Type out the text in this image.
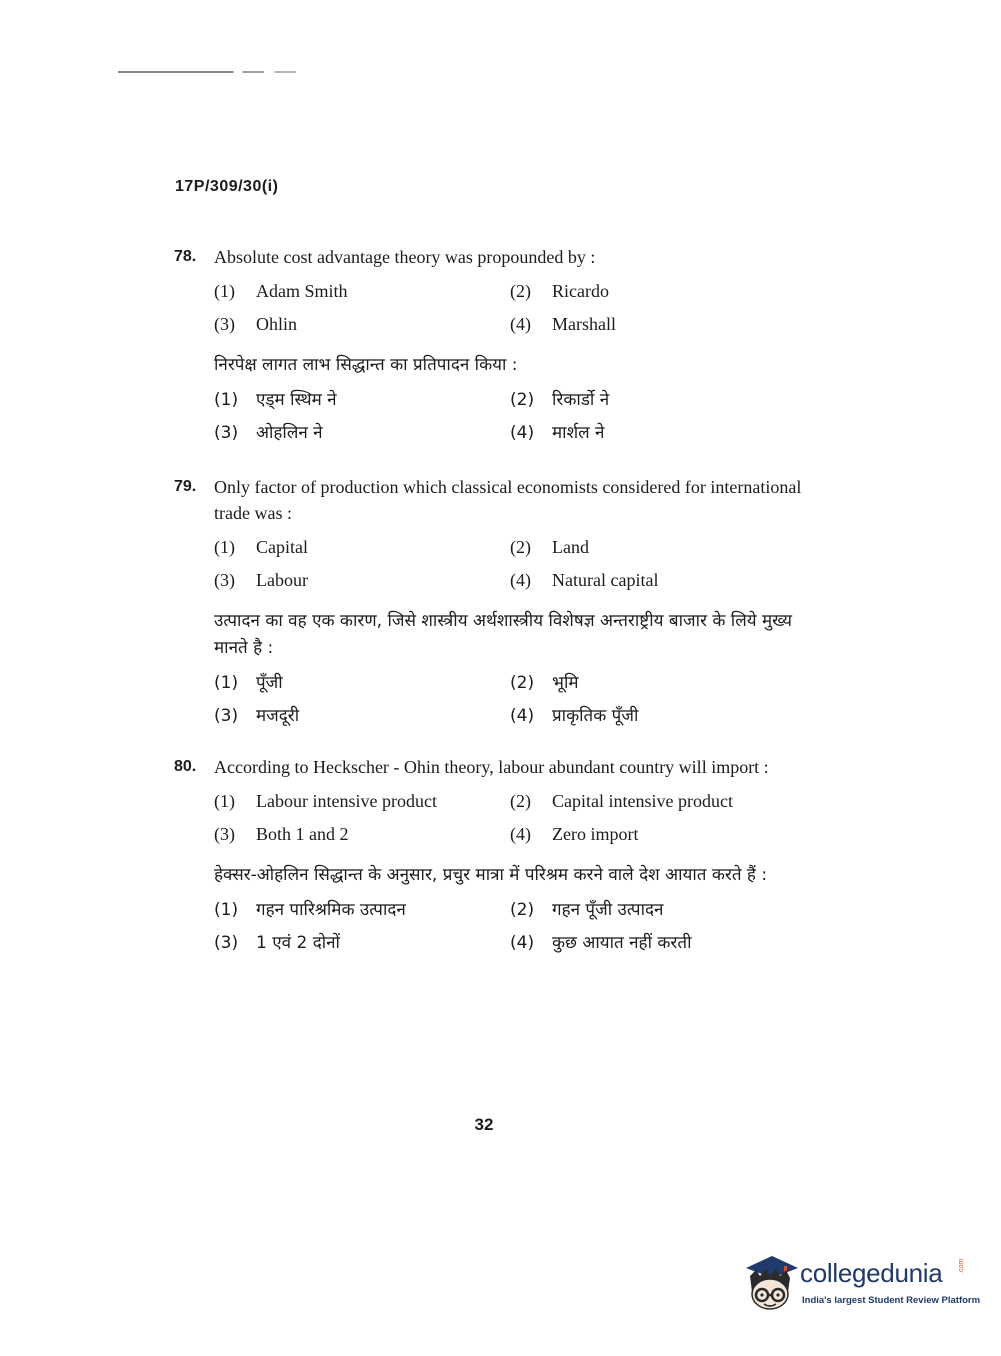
17P/309/30(i)
78. Absolute cost advantage theory was propounded by :
(1)	Adam Smith	(2)	Ricardo
(3)	Ohlin	(4)	Marshall
निरपेक्ष लागत लाभ सिद्धान्त का प्रतिपादन किया :
(1)	एड्म स्थिम ने	(2)	रिकार्डो ने
(3)	ओहलिन ने	(4)	मार्शल ने
79. Only factor of production which classical economists considered for international trade was :
(1)	Capital	(2)	Land
(3)	Labour	(4)	Natural capital
उत्पादन का वह एक कारण, जिसे शास्त्रीय अर्थशास्त्रीय विशेषज्ञ अन्तराष्ट्रीय बाजार के लिये मुख्य मानते है :
(1)	पूँजी	(2)	भूमि
(3)	मजदूरी	(4)	प्राकृतिक पूँजी
80. According to Heckscher - Ohin theory, labour abundant country will import :
(1)	Labour intensive product	(2)	Capital intensive product
(3)	Both 1 and 2	(4)	Zero import
हेक्सर-ओहलिन सिद्धान्त के अनुसार, प्रचुर मात्रा में परिश्रम करने वाले देश आयात करते हैं :
(1)	गहन पारिश्रमिक उत्पादन	(2)	गहन पूँजी उत्पादन
(3)	1 एवं 2 दोनों	(4)	कुछ आयात नहीं करती
32
collegedunia .com
India's largest Student Review Platform
